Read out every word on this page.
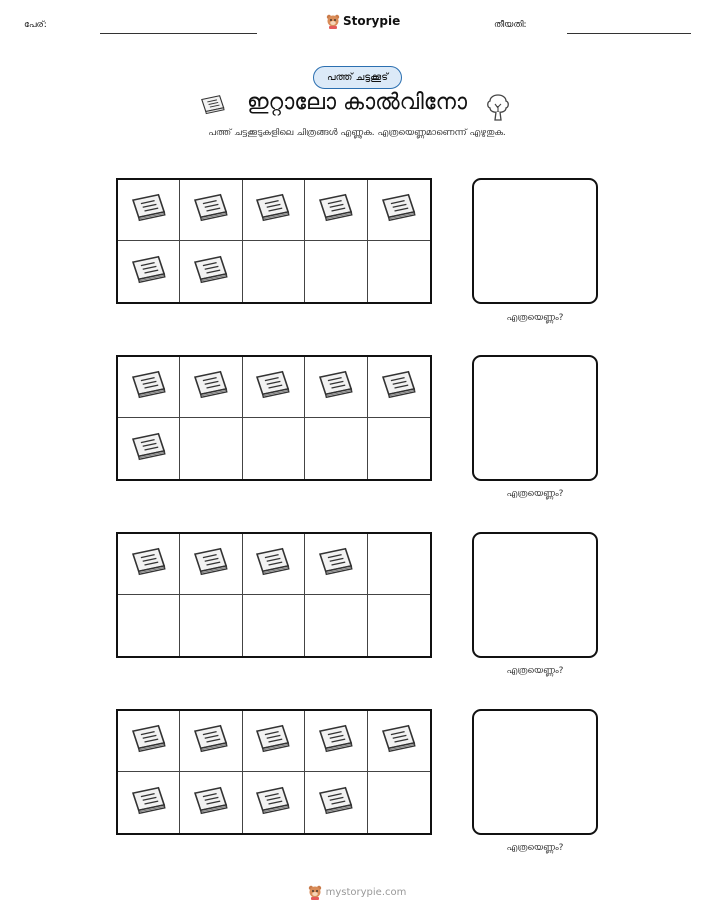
പേര്:	Storypie	തീയതി:
പത്ത് ചട്ടക്കൂട്
ഇറ്റാലോ കാൽവിനോ
പത്ത് ചട്ടക്കൂടുകളിലെ ചിത്രങ്ങൾ എണ്ണുക. എത്രയെണ്ണമാണെന്ന് എഴുതുക.
എത്രയെണ്ണം?
എത്രയെണ്ണം?
എത്രയെണ്ണം?
എത്രയെണ്ണം?
mystorypie.com
